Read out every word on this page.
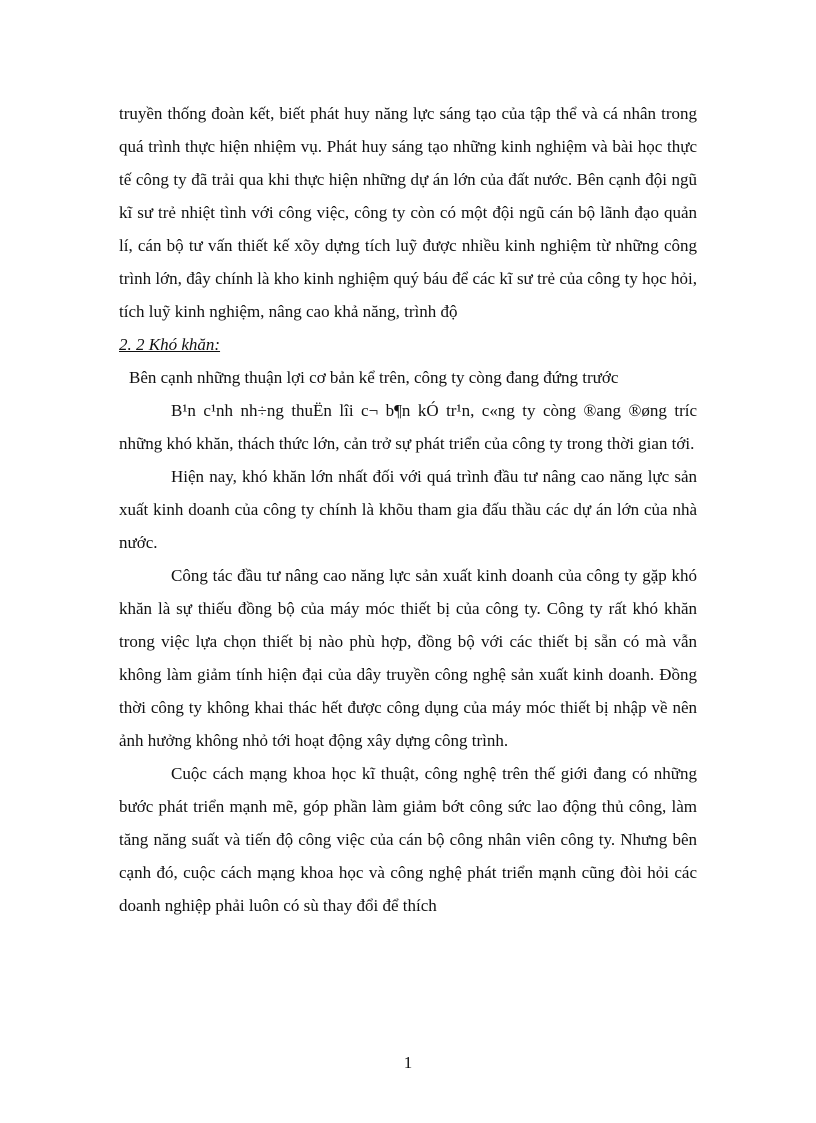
truyền thống đoàn kết, biết phát huy năng lực sáng tạo của tập thể và cá nhân trong quá trình thực hiện nhiệm vụ. Phát huy sáng tạo những kinh nghiệm và bài học thực tế công ty đã trải qua khi thực hiện những dự án lớn của đất nước. Bên cạnh đội ngũ kĩ sư trẻ nhiệt tình với công việc, công ty còn có một đội ngũ cán bộ lãnh đạo quản lí, cán bộ tư vấn thiết kế xõy dựng tích luỹ được nhiều kinh nghiệm từ những công trình lớn, đây chính là kho kinh nghiệm quý báu để các kĩ sư trẻ của công ty học hỏi, tích luỹ kinh nghiệm, nâng cao khả năng, trình độ

2. 2 Khó khăn:

Bên cạnh những thuận lợi cơ bản kể trên, công ty còng đang đứng trước

B¹n c¹nh nh÷ng thuËn lîi c¬ b¶n kÓ tr¹n, c«ng ty còng ®ang ®øng tríc những khó khăn, thách thức lớn, cản trở sự phát triển của công ty trong thời gian tới.

Hiện nay, khó khăn lớn nhất đối với quá trình đầu tư nâng cao năng lực sản xuất kinh doanh của công ty chính là khõu tham gia đấu thầu các dự án lớn của nhà nước.

Công tác đầu tư nâng cao năng lực sản xuất kinh doanh của công ty gặp khó khăn là sự thiếu đồng bộ của máy móc thiết bị của công ty. Công ty rất khó khăn trong việc lựa chọn thiết bị nào phù hợp, đồng bộ với các thiết bị sẵn có mà vẫn không làm giảm tính hiện đại của dây truyền công nghệ sản xuất kinh doanh. Đồng thời công ty không khai thác hết được công dụng của máy móc thiết bị nhập về nên ảnh hưởng không nhỏ tới hoạt động xây dựng công trình.

Cuộc cách mạng khoa học kĩ thuật, công nghệ trên thế giới đang có những bước phát triển mạnh mẽ, góp phần làm giảm bớt công sức lao động thủ công, làm tăng năng suất và tiến độ công việc của cán bộ công nhân viên công ty. Nhưng bên cạnh đó, cuộc cách mạng khoa học và công nghệ phát triển mạnh cũng đòi hỏi các doanh nghiệp phải luôn có sù thay đổi để thích

1
